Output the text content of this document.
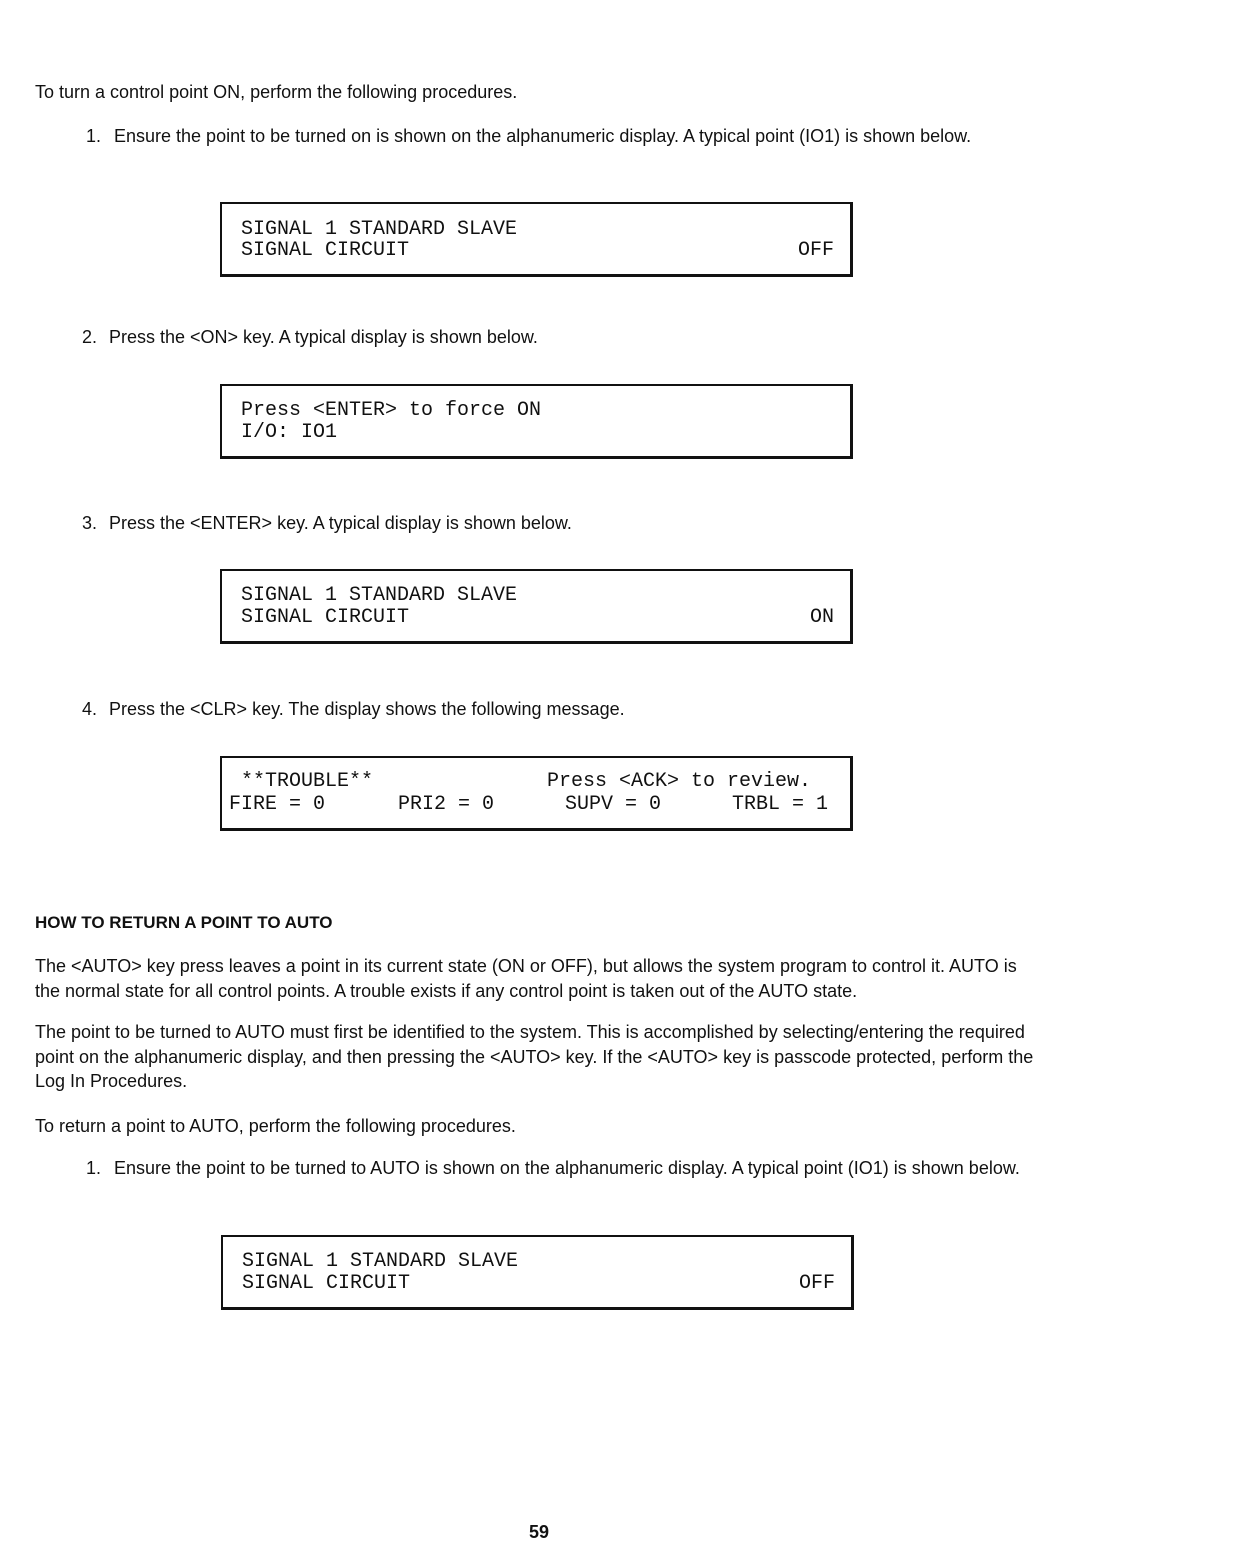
To turn a control point ON, perform the following procedures.
1. Ensure the point to be turned on is shown on the alphanumeric display. A typical point (IO1) is shown below.
SIGNAL 1 STANDARD SLAVE
SIGNAL CIRCUIT	OFF
2. Press the <ON> key. A typical display is shown below.
Press <ENTER> to force ON
I/O: IO1
3. Press the <ENTER> key. A typical display is shown below.
SIGNAL 1 STANDARD SLAVE
SIGNAL CIRCUIT	ON
4. Press the <CLR> key. The display shows the following message.
**TROUBLE**	Press <ACK> to review.
FIRE = 0	PRI2 = 0	SUPV = 0	TRBL = 1
HOW TO RETURN A POINT TO AUTO
The <AUTO> key press leaves a point in its current state (ON or OFF), but allows the system program to control it. AUTO is the normal state for all control points. A trouble exists if any control point is taken out of the AUTO state.
The point to be turned to AUTO must first be identified to the system. This is accomplished by selecting/entering the required point on the alphanumeric display, and then pressing the <AUTO> key. If the <AUTO> key is passcode protected, perform the Log In Procedures.
To return a point to AUTO, perform the following procedures.
1. Ensure the point to be turned to AUTO is shown on the alphanumeric display. A typical point (IO1) is shown below.
SIGNAL 1 STANDARD SLAVE
SIGNAL CIRCUIT	OFF
59
